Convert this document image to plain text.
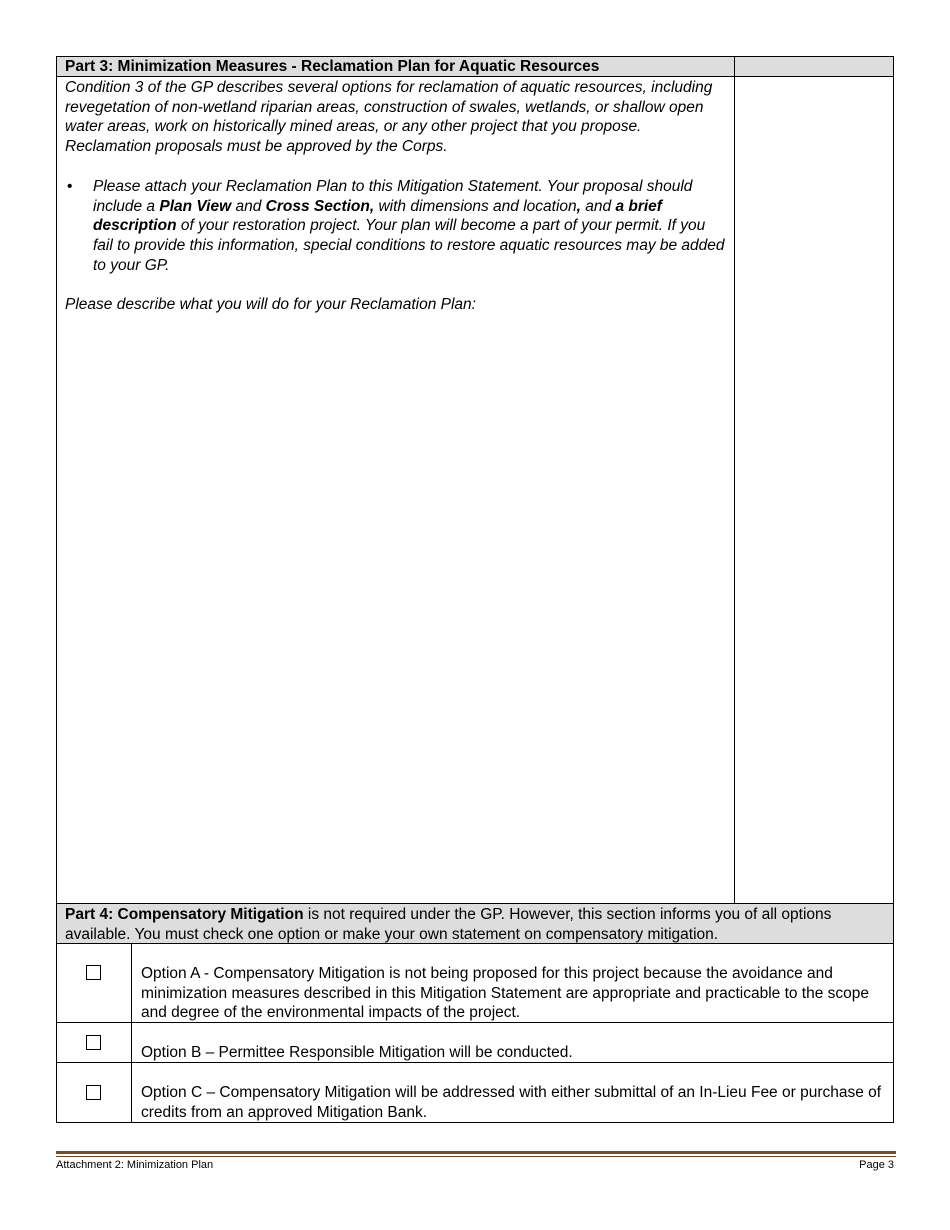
Part 3: Minimization Measures - Reclamation Plan for Aquatic Resources

Condition 3 of the GP describes several options for reclamation of aquatic resources, including revegetation of non-wetland riparian areas, construction of swales, wetlands, or shallow open water areas, work on historically mined areas, or any other project that you propose. Reclamation proposals must be approved by the Corps.

• Please attach your Reclamation Plan to this Mitigation Statement. Your proposal should include a Plan View and Cross Section, with dimensions and location, and a brief description of your restoration project. Your plan will become a part of your permit. If you fail to provide this information, special conditions to restore aquatic resources may be added to your GP.

Please describe what you will do for your Reclamation Plan:

Part 4: Compensatory Mitigation is not required under the GP. However, this section informs you of all options available. You must check one option or make your own statement on compensatory mitigation.
Option A - Compensatory Mitigation is not being proposed for this project because the avoidance and minimization measures described in this Mitigation Statement are appropriate and practicable to the scope and degree of the environmental impacts of the project.
Option B – Permittee Responsible Mitigation will be conducted.
Option C – Compensatory Mitigation will be addressed with either submittal of an In-Lieu Fee or purchase of credits from an approved Mitigation Bank.
Attachment 2: Minimization Plan	Page 3
